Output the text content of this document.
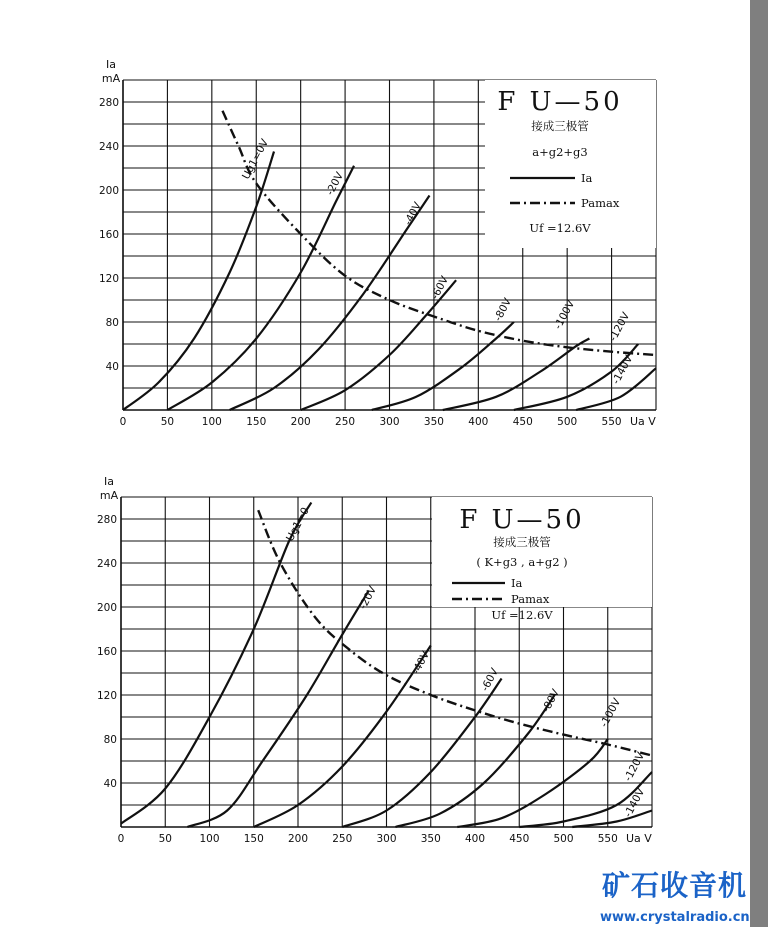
0	50	100 150 200 250 300 350 400 450 500 550
40
80
120
160
200
240
280
Ia
mA
Ua V
F U—50
接成三极管
a+g2+g3
Ia
Pamax
Uf =12.6V
Ug1=0V
-20V
-40V
-60V
-80V	-100V	-120V
-140V
0	50	100 150 200 250 300 350 400 450 500 550
40
80
120
160
200
240
280
Ia
mA
Ua V
F U—50
接成三极管
( K+g3 , a+g2 )
Ia
Pamax
Uf =12.6V
Ug1=0
-20V
-40V
-60V
-80V	-100V
-120V
-140V
矿石收音机
www.crystalradio.cn
